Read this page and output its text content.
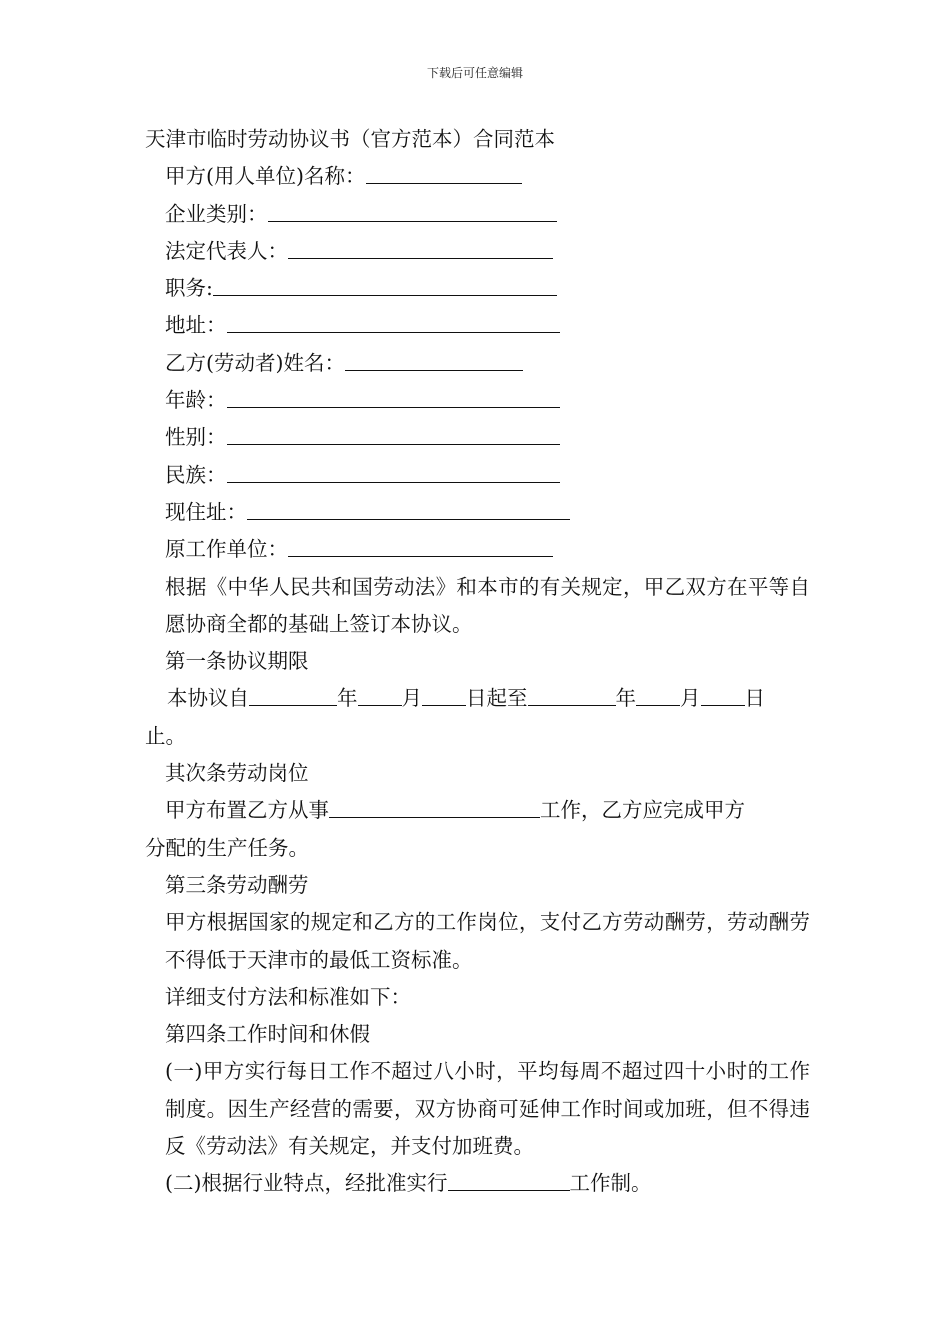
下载后可任意编辑
天津市临时劳动协议书（官方范本）合同范本
甲方(用人单位)名称：
企业类别：
法定代表人：
职务:
地址：
乙方(劳动者)姓名：
年龄：
性别：
民族：
现住址：
原工作单位：
根据《中华人民共和国劳动法》和本市的有关规定，甲乙双方在平等自愿协商全都的基础上签订本协议。
第一条协议期限
本协议自	年 月 日起至	年 月 日
止。
其次条劳动岗位
甲方布置乙方从事	工作，乙方应完成甲方
分配的生产任务。
第三条劳动酬劳
甲方根据国家的规定和乙方的工作岗位，支付乙方劳动酬劳，劳动酬劳不得低于天津市的最低工资标准。
详细支付方法和标准如下：
第四条工作时间和休假
(一)甲方实行每日工作不超过八小时，平均每周不超过四十小时的工作制度。因生产经营的需要，双方协商可延伸工作时间或加班，但不得违反《劳动法》有关规定，并支付加班费。
(二)根据行业特点，经批准实行	工作制。
